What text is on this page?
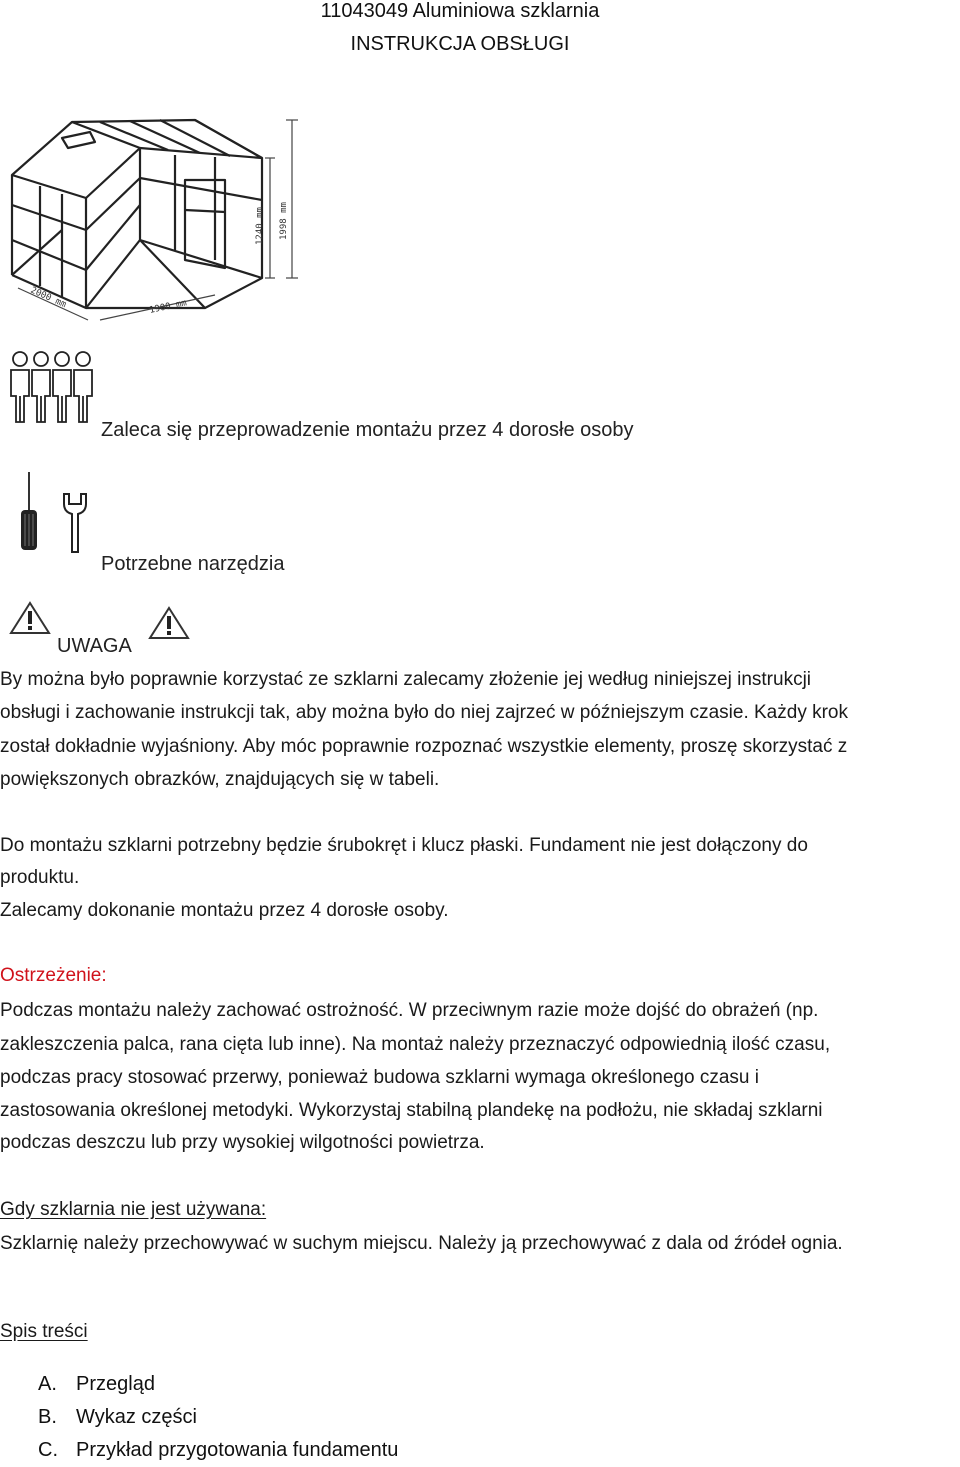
11043049 Aluminiowa szklarnia
INSTRUKCJA OBSŁUGI
1240 mm 1998 mm
2000 mm	1900 mm
Zaleca się przeprowadzenie montażu przez 4 dorosłe osoby
Potrzebne narzędzia
UWAGA

By można było poprawnie korzystać ze szklarni zalecamy złożenie jej według niniejszej instrukcji

obsługi i zachowanie instrukcji tak, aby można było do niej zajrzeć w późniejszym czasie. Każdy krok

został dokładnie wyjaśniony. Aby móc poprawnie rozpoznać wszystkie elementy, proszę skorzystać z

powiększonych obrazków, znajdujących się w tabeli.

Do montażu szklarni potrzebny będzie śrubokręt i klucz płaski. Fundament nie jest dołączony do

produktu.

Zalecamy dokonanie montażu przez 4 dorosłe osoby.

Ostrzeżenie:

Podczas montażu należy zachować ostrożność. W przeciwnym razie może dojść do obrażeń (np.

zakleszczenia palca, rana cięta lub inne). Na montaż należy przeznaczyć odpowiednią ilość czasu,

podczas pracy stosować przerwy, ponieważ budowa szklarni wymaga określonego czasu i

zastosowania określonej metodyki. Wykorzystaj stabilną plandekę na podłożu, nie składaj szklarni

podczas deszczu lub przy wysokiej wilgotności powietrza.

Gdy szklarnia nie jest używana:

Szklarnię należy przechowywać w suchym miejscu. Należy ją przechowywać z dala od źródeł ognia.

Spis treści

A. Przegląd
B. Wykaz części
C. Przykład przygotowania fundamentu
